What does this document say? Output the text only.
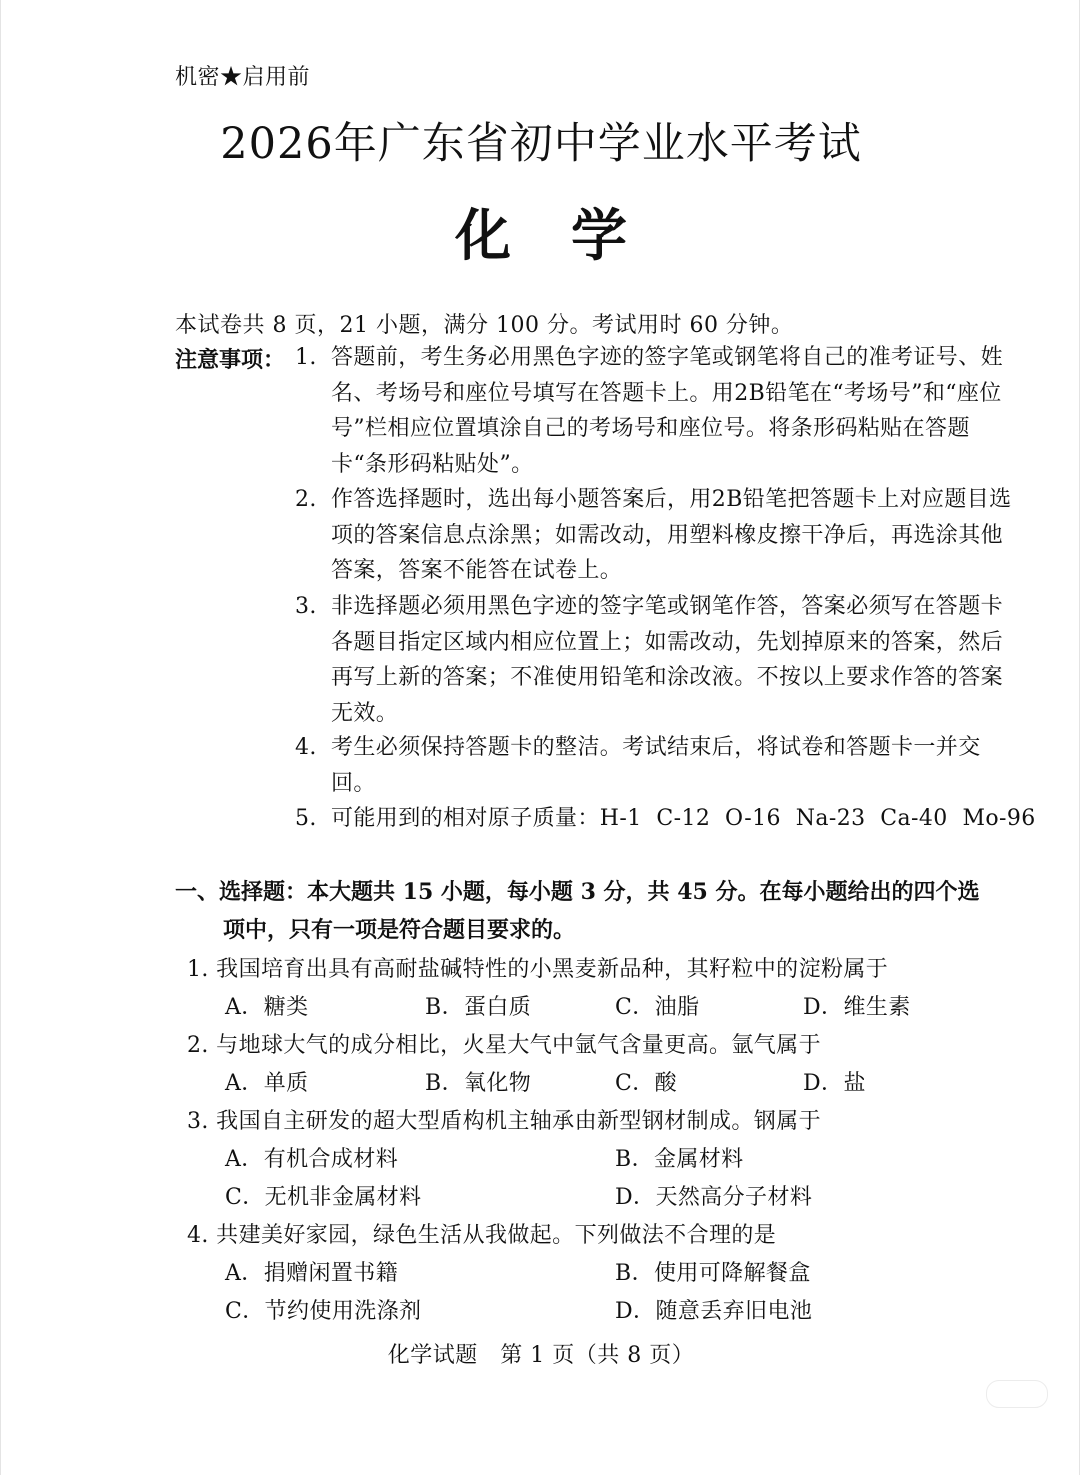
机密★启用前
2026年广东省初中学业水平考试
化学
本试卷共 8 页，21 小题，满分 100 分。考试用时 60 分钟。
注意事项： 1. 答题前，考生务必用黑色字迹的签字笔或钢笔将自己的准考证号、姓名、考场号和座位号填写在答题卡上。用2B铅笔在“考场号”和“座位号”栏相应位置填涂自己的考场号和座位号。将条形码粘贴在答题卡“条形码粘贴处”。
2. 作答选择题时，选出每小题答案后，用2B铅笔把答题卡上对应题目选项的答案信息点涂黑；如需改动，用塑料橡皮擦干净后，再选涂其他答案，答案不能答在试卷上。
3. 非选择题必须用黑色字迹的签字笔或钢笔作答，答案必须写在答题卡各题目指定区域内相应位置上；如需改动，先划掉原来的答案，然后再写上新的答案；不准使用铅笔和涂改液。不按以上要求作答的答案无效。
4. 考生必须保持答题卡的整洁。考试结束后，将试卷和答题卡一并交回。
5. 可能用到的相对原子质量：H-1  C-12  O-16  Na-23  Ca-40  Mo-96
一、选择题：本大题共 15 小题，每小题 3 分，共 45 分。在每小题给出的四个选
项中，只有一项是符合题目要求的。
1. 我国培育出具有高耐盐碱特性的小黑麦新品种，其籽粒中的淀粉属于
A．糖类	B．蛋白质	C．油脂	D．维生素
2. 与地球大气的成分相比，火星大气中氩气含量更高。氩气属于
A．单质	B．氧化物	C．酸	D．盐
3. 我国自主研发的超大型盾构机主轴承由新型钢材制成。钢属于
A．有机合成材料	B．金属材料
C．无机非金属材料	D．天然高分子材料
4. 共建美好家园，绿色生活从我做起。下列做法不合理的是
A．捐赠闲置书籍	B．使用可降解餐盒
C．节约使用洗涤剂	D．随意丢弃旧电池
化学试题　第 1 页（共 8 页）
